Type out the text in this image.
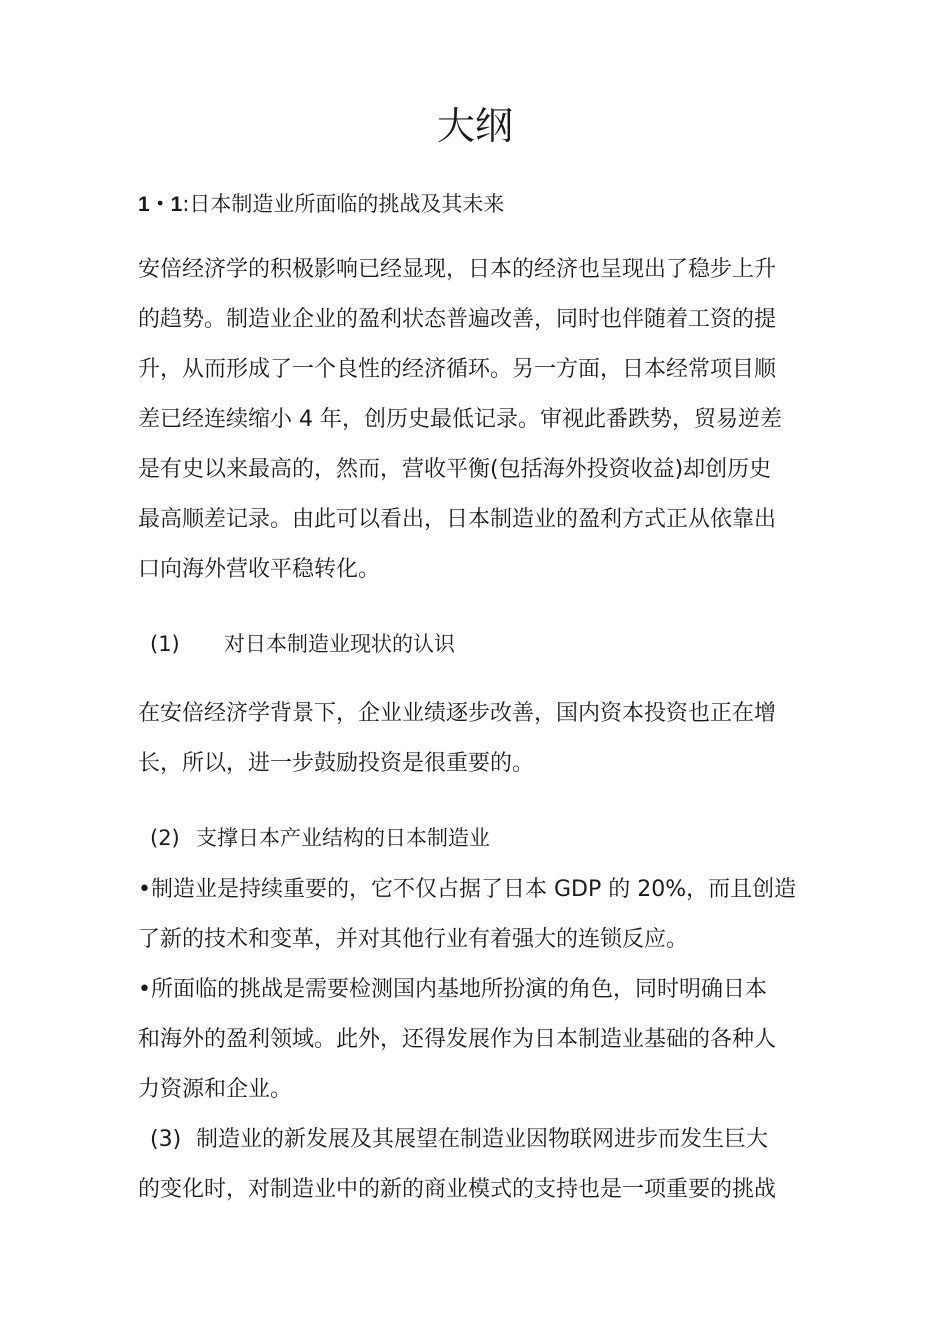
大纲

1・1:日本制造业所面临的挑战及其未来

安倍经济学的积极影响已经显现，日本的经济也呈现出了稳步上升

的趋势。制造业企业的盈利状态普遍改善，同时也伴随着工资的提

升，从而形成了一个良性的经济循环。另一方面，日本经常项目顺

差已经连续缩小 4 年，创历史最低记录。审视此番跌势，贸易逆差

是有史以来最高的，然而，营收平衡(包括海外投资收益)却创历史

最高顺差记录。由此可以看出，日本制造业的盈利方式正从依靠出

口向海外营收平稳转化。

(1) 对日本制造业现状的认识

在安倍经济学背景下，企业业绩逐步改善，国内资本投资也正在增

长，所以，进一步鼓励投资是很重要的。

(2) 支撑日本产业结构的日本制造业

•制造业是持续重要的，它不仅占据了日本 GDP 的 20%，而且创造

了新的技术和变革，并对其他行业有着强大的连锁反应。

•所面临的挑战是需要检测国内基地所扮演的角色，同时明确日本

和海外的盈利领域。此外，还得发展作为日本制造业基础的各种人

力资源和企业。

(3) 制造业的新发展及其展望在制造业因物联网进步而发生巨大

的变化时，对制造业中的新的商业模式的支持也是一项重要的挑战
